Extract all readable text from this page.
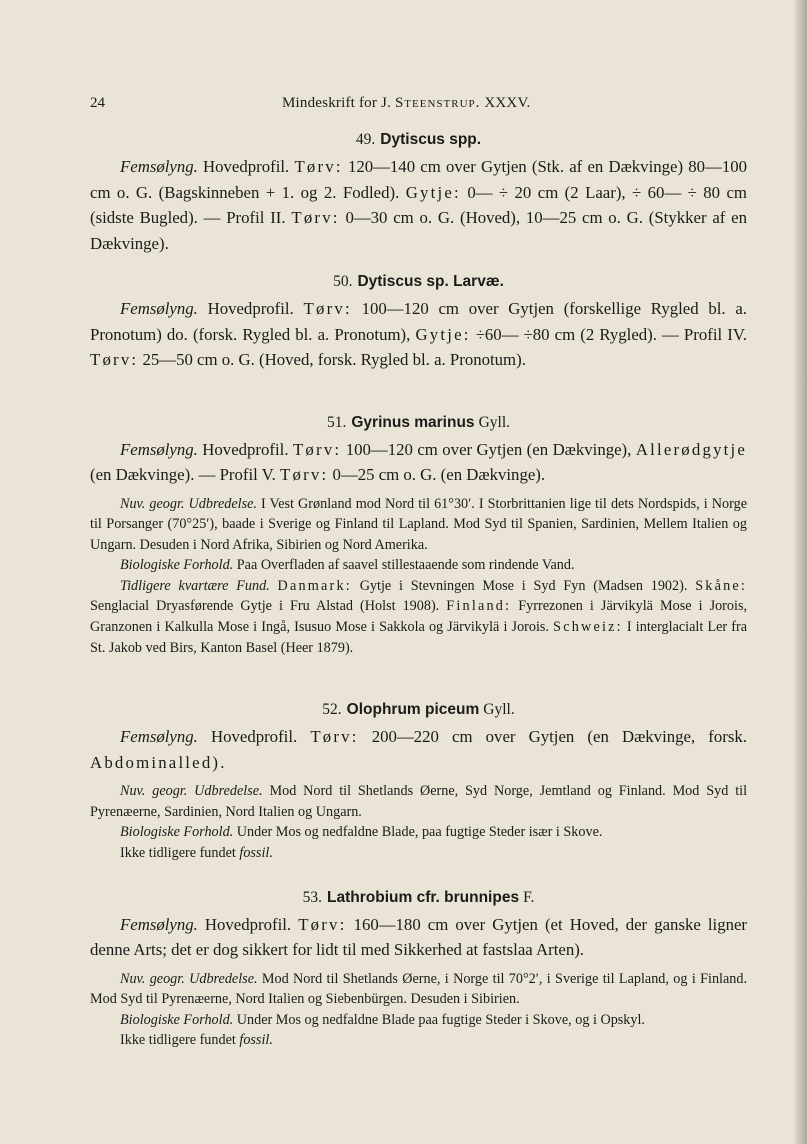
24	Mindeskrift for J. Steenstrup. XXXV.
49. Dytiscus spp.

Femsølyng. Hovedprofil. Tørv: 120—140 cm over Gytjen (Stk. af en Dækvinge) 80—100 cm o. G. (Bagskinneben + 1. og 2. Fodled). Gytje: 0— ÷ 20 cm (2 Laar), ÷ 60— ÷ 80 cm (sidste Bugled). — Profil II. Tørv: 0—30 cm o. G. (Hoved), 10—25 cm o. G. (Stykker af en Dækvinge).

50. Dytiscus sp. Larvæ.

Femsølyng. Hovedprofil. Tørv: 100—120 cm over Gytjen (forskellige Rygled bl. a. Pronotum) do. (forsk. Rygled bl. a. Pronotum), Gytje: ÷60— ÷80 cm (2 Rygled). — Profil IV. Tørv: 25—50 cm o. G. (Hoved, forsk. Rygled bl. a. Pronotum).

51. Gyrinus marinus Gyll.

Femsølyng. Hovedprofil. Tørv: 100—120 cm over Gytjen (en Dækvinge), Allerødgytje (en Dækvinge). — Profil V. Tørv: 0—25 cm o. G. (en Dækvinge).

Nuv. geogr. Udbredelse. I Vest Grønland mod Nord til 61°30′. I Storbrittanien lige til dets Nordspids, i Norge til Porsanger (70°25′), baade i Sverige og Finland til Lapland. Mod Syd til Spanien, Sardinien, Mellem Italien og Ungarn. Desuden i Nord Afrika, Sibirien og Nord Amerika.

Biologiske Forhold. Paa Overfladen af saavel stillestaaende som rindende Vand.

Tidligere kvartære Fund. Danmark: Gytje i Stevningen Mose i Syd Fyn (Madsen 1902). Skåne: Senglacial Dryasførende Gytje i Fru Alstad (Holst 1908). Finland: Fyrrezonen i Järvikylä Mose i Jorois, Granzonen i Kalkulla Mose i Ingå, Isusuo Mose i Sakkola og Järvikylä i Jorois. Schweiz: I interglacialt Ler fra St. Jakob ved Birs, Kanton Basel (Heer 1879).

52. Olophrum piceum Gyll.

Femsølyng. Hovedprofil. Tørv: 200—220 cm over Gytjen (en Dækvinge, forsk. Abdominalled).

Nuv. geogr. Udbredelse. Mod Nord til Shetlands Øerne, Syd Norge, Jemtland og Finland. Mod Syd til Pyrenæerne, Sardinien, Nord Italien og Ungarn.

Biologiske Forhold. Under Mos og nedfaldne Blade, paa fugtige Steder især i Skove.

Ikke tidligere fundet fossil.

53. Lathrobium cfr. brunnipes F.

Femsølyng. Hovedprofil. Tørv: 160—180 cm over Gytjen (et Hoved, der ganske ligner denne Arts; det er dog sikkert for lidt til med Sikkerhed at fastslaa Arten).

Nuv. geogr. Udbredelse. Mod Nord til Shetlands Øerne, i Norge til 70°2′, i Sverige til Lapland, og i Finland. Mod Syd til Pyrenæerne, Nord Italien og Siebenbürgen. Desuden i Sibirien.

Biologiske Forhold. Under Mos og nedfaldne Blade paa fugtige Steder i Skove, og i Opskyl.

Ikke tidligere fundet fossil.
